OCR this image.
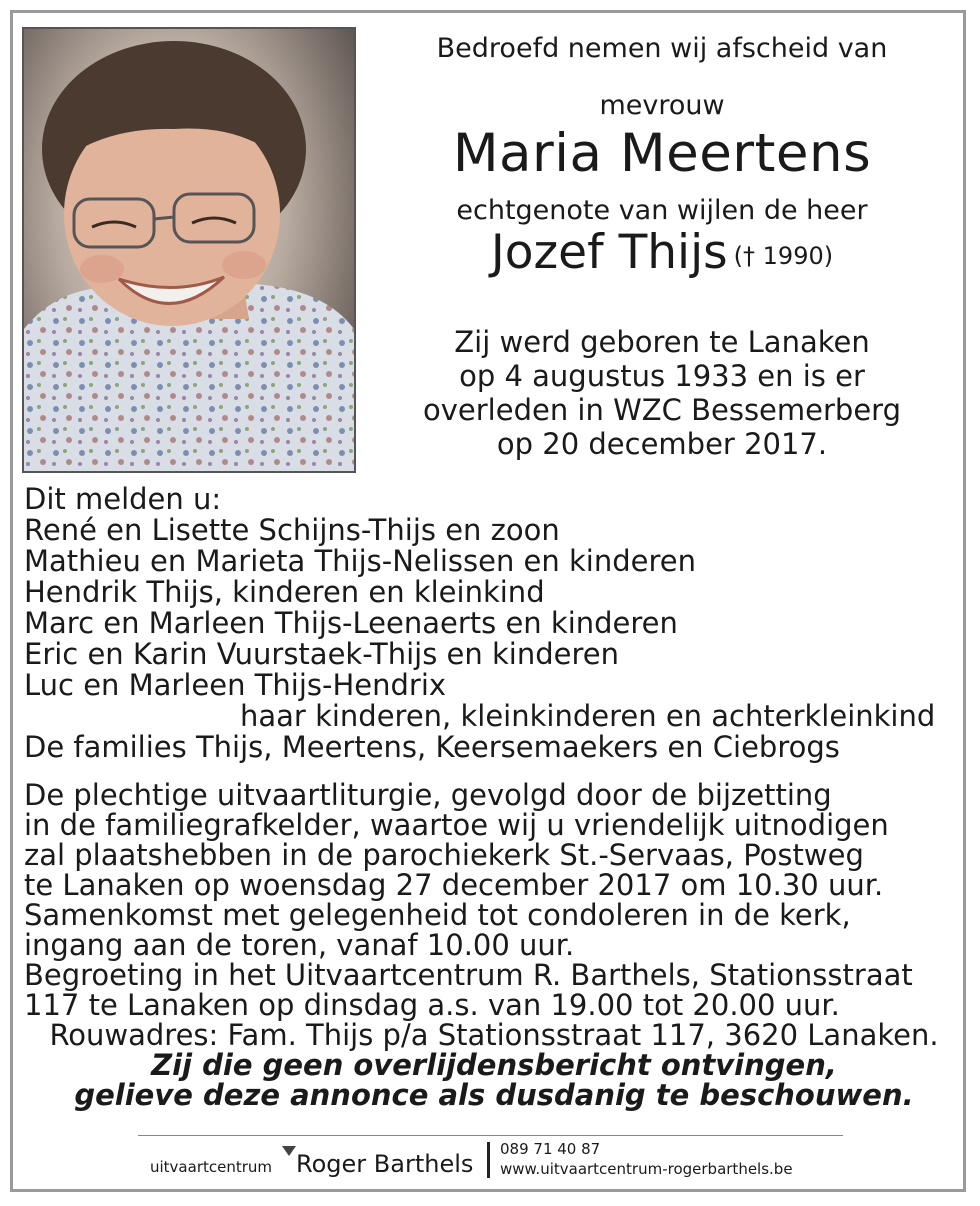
Bedroefd nemen wij afscheid van
mevrouw
Maria Meertens
echtgenote van wijlen de heer
Jozef Thijs († 1990)
Zij werd geboren te Lanaken
op 4 augustus 1933 en is er
overleden in WZC Bessemerberg
op 20 december 2017.
Dit melden u:
René en Lisette Schijns-Thijs en zoon
Mathieu en Marieta Thijs-Nelissen en kinderen
Hendrik Thijs, kinderen en kleinkind
Marc en Marleen Thijs-Leenaerts en kinderen
Eric en Karin Vuurstaek-Thijs en kinderen
Luc en Marleen Thijs-Hendrix
haar kinderen, kleinkinderen en achterkleinkind
De families Thijs, Meertens, Keersemaekers en Ciebrogs
De plechtige uitvaartliturgie, gevolgd door de bijzetting
in de familiegrafkelder, waartoe wij u vriendelijk uitnodigen
zal plaatshebben in de parochiekerk St.-Servaas, Postweg
te Lanaken op woensdag 27 december 2017 om 10.30 uur.
Samenkomst met gelegenheid tot condoleren in de kerk,
ingang aan de toren, vanaf 10.00 uur.
Begroeting in het Uitvaartcentrum R. Barthels, Stationsstraat
117 te Lanaken op dinsdag a.s. van 19.00 tot 20.00 uur.
Rouwadres: Fam. Thijs p/a Stationsstraat 117, 3620 Lanaken.
Zij die geen overlijdensbericht ontvingen,
gelieve deze annonce als dusdanig te beschouwen.
uitvaartcentrum Roger Barthels
089 71 40 87
www.uitvaartcentrum-rogerbarthels.be
